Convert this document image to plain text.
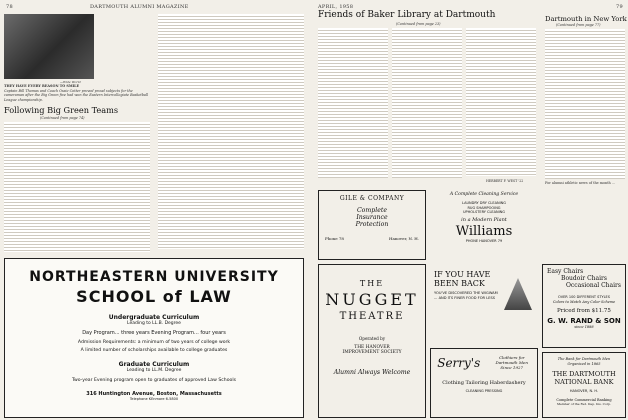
78	DARTMOUTH ALUMNI MAGAZINE
—Wide World
THEY HAVE EVERY REASON TO SMILE
Captain Bill Thomas and Coach Ossie Cotter proved proud subjects for the cameraman after the Big Green five had won the Eastern Intercollegiate Basketball League championship.
Following Big Green Teams
(Continued from page 74)
NORTHEASTERN UNIVERSITY
SCHOOL of LAW
Undergraduate Curriculum
Leading to LL.B. Degree
Day Program... three years Evening Program... four years
Admission Requirements: a minimum of two years of college work
A limited number of scholarships available to college graduates
Graduate Curriculum
Leading to LL.M. Degree
Two-year Evening program open to graduates of approved Law Schools
316 Huntington Avenue, Boston, Massachusetts
Telephone KEnmore 6-5800
APRIL, 1958	79
Friends of Baker Library at Dartmouth
(Continued from page 23)
HERBERT F. WEST '22
Dartmouth in New York
(Continued from page 77)
For alumni athletic news of the month ...
GILE & COMPANY
Complete
Insurance
Protection
Phone 78	Hanover, N. H.
A Complete Cleaning Service
LAUNDRY DRY CLEANING
RUG SHAMPOOING
UPHOLSTERY CLEANING
in a Modern Plant
Williams
PHONE HANOVER 79
THE
NUGGET
THEATRE
Operated by
THE HANOVER
IMPROVEMENT SOCIETY
Alumni Always Welcome
IF YOU HAVE
BEEN BACK
YOU'VE DISCOVERED THE WIGWAM ... AND ITS FINER FOOD FOR LESS
Serry's	Clothiers for Dartmouth Men Since 1927
Clothing Tailoring Haberdashery
CLEANING PRESSING
Easy Chairs
Boudoir Chairs
Occasional Chairs
OVER 100 DIFFERENT STYLES
Colors to Match Any Color Scheme
Priced from $11.75
G. W. RAND & SON
since 1888
The Bank for Dartmouth Men
Organized in 1865
THE DARTMOUTH
NATIONAL BANK
HANOVER, N. H.
Complete Commercial Banking
Member of the Fed. Dep. Ins. Corp.
